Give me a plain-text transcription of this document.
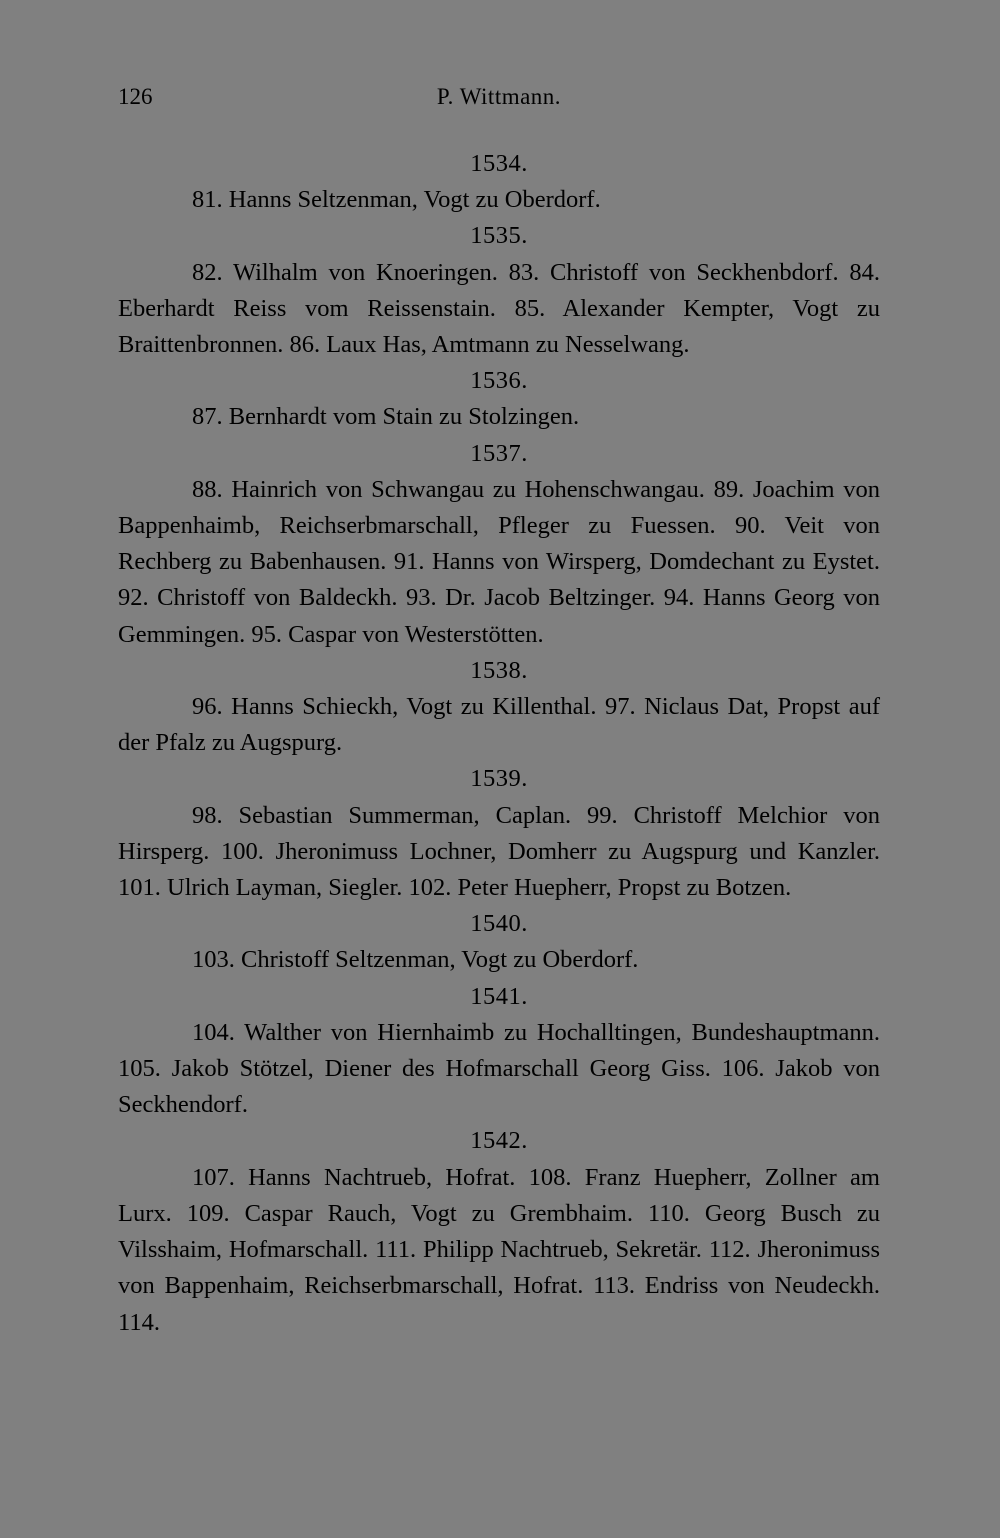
126	P. Wittmann.

1534.

81. Hanns Seltzenman, Vogt zu Oberdorf.

1535.

82. Wilhalm von Knoeringen. 83. Christoff von Seckhenbdorf. 84. Eberhardt Reiss vom Reissenstain. 85. Alexander Kempter, Vogt zu Braittenbronnen. 86. Laux Has, Amtmann zu Nesselwang.

1536.

87. Bernhardt vom Stain zu Stolzingen.

1537.

88. Hainrich von Schwangau zu Hohenschwangau. 89. Joachim von Bappenhaimb, Reichserbmarschall, Pfleger zu Fuessen. 90. Veit von Rechberg zu Babenhausen. 91. Hanns von Wirsperg, Domdechant zu Eystet. 92. Christoff von Baldeckh. 93. Dr. Jacob Beltzinger. 94. Hanns Georg von Gemmingen. 95. Caspar von Westerstötten.

1538.

96. Hanns Schieckh, Vogt zu Killenthal. 97. Niclaus Dat, Propst auf der Pfalz zu Augspurg.

1539.

98. Sebastian Summerman, Caplan. 99. Christoff Melchior von Hirsperg. 100. Jheronimuss Lochner, Domherr zu Augspurg und Kanzler. 101. Ulrich Layman, Siegler. 102. Peter Huepherr, Propst zu Botzen.

1540.

103. Christoff Seltzenman, Vogt zu Oberdorf.

1541.

104. Walther von Hiernhaimb zu Hochalltingen, Bundeshauptmann. 105. Jakob Stötzel, Diener des Hofmarschall Georg Giss. 106. Jakob von Seckhendorf.

1542.

107. Hanns Nachtrueb, Hofrat. 108. Franz Huepherr, Zollner am Lurx. 109. Caspar Rauch, Vogt zu Grembhaim. 110. Georg Busch zu Vilsshaim, Hofmarschall. 111. Philipp Nachtrueb, Sekretär. 112. Jheronimuss von Bappenhaim, Reichserbmarschall, Hofrat. 113. Endriss von Neudeckh. 114.
